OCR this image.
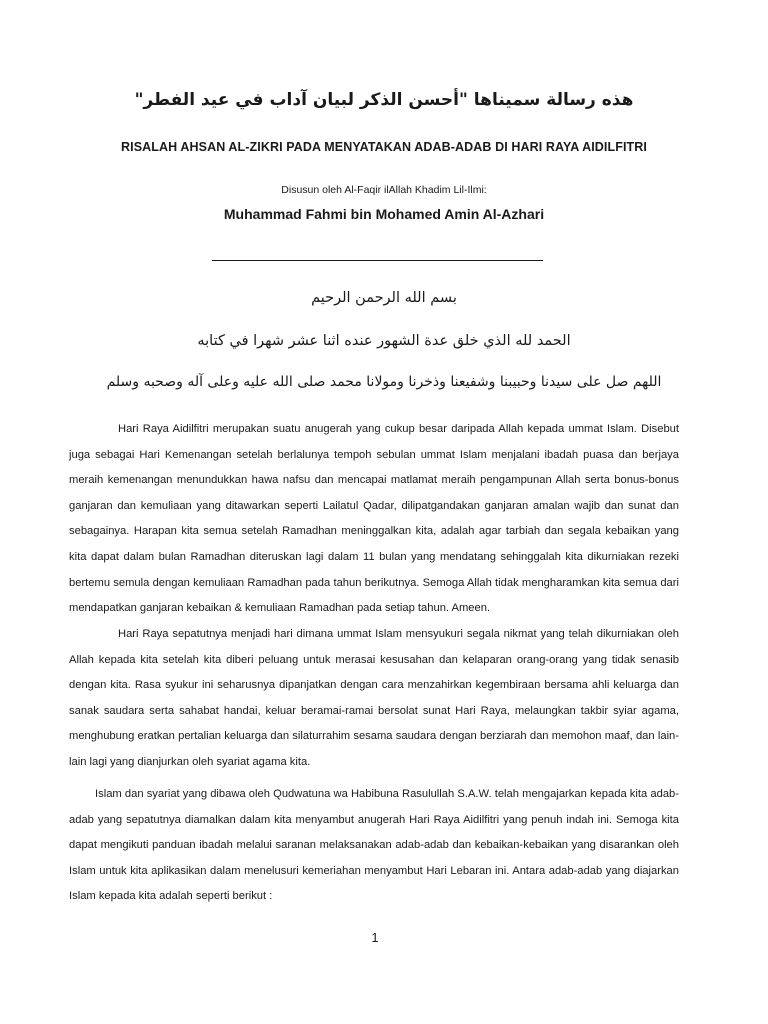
هذه رسالة سميناها "أحسن الذكر لبيان آداب في عيد الفطر"
RISALAH AHSAN AL-ZIKRI PADA MENYATAKAN ADAB-ADAB DI HARI RAYA AIDILFITRI
Disusun oleh Al-Faqir ilAllah Khadim Lil-Ilmi:
Muhammad Fahmi bin Mohamed Amin Al-Azhari
بسم الله الرحمن الرحيم
الحمد لله الذي خلق عدة الشهور عنده اثنا عشر شهرا في كتابه
اللهم صل على سيدنا وحبيبنا وشفيعنا وذخرنا ومولانا محمد صلى الله عليه وعلى آله وصحبه وسلم

Hari Raya Aidilfitri merupakan suatu anugerah yang cukup besar daripada Allah kepada ummat Islam. Disebut juga sebagai Hari Kemenangan setelah berlalunya tempoh sebulan ummat Islam menjalani ibadah puasa dan berjaya meraih kemenangan menundukkan hawa nafsu dan mencapai matlamat meraih pengampunan Allah serta bonus-bonus ganjaran dan kemuliaan yang ditawarkan seperti Lailatul Qadar, dilipatgandakan ganjaran amalan wajib dan sunat dan sebagainya. Harapan kita semua setelah Ramadhan meninggalkan kita, adalah agar tarbiah dan segala kebaikan yang kita dapat dalam bulan Ramadhan diteruskan lagi dalam 11 bulan yang mendatang sehinggalah kita dikurniakan rezeki bertemu semula dengan kemuliaan Ramadhan pada tahun berikutnya. Semoga Allah tidak mengharamkan kita semua dari mendapatkan ganjaran kebaikan & kemuliaan Ramadhan pada setiap tahun. Ameen.

Hari Raya sepatutnya menjadi hari dimana ummat Islam mensyukuri segala nikmat yang telah dikurniakan oleh Allah kepada kita setelah kita diberi peluang untuk merasai kesusahan dan kelaparan orang-orang yang tidak senasib dengan kita. Rasa syukur ini seharusnya dipanjatkan dengan cara menzahirkan kegembiraan bersama ahli keluarga dan sanak saudara serta sahabat handai, keluar beramai-ramai bersolat sunat Hari Raya, melaungkan takbir syiar agama, menghubung eratkan pertalian keluarga dan silaturrahim sesama saudara dengan berziarah dan memohon maaf, dan lain-lain lagi yang dianjurkan oleh syariat agama kita.

Islam dan syariat yang dibawa oleh Qudwatuna wa Habibuna Rasulullah S.A.W. telah mengajarkan kepada kita adab-adab yang sepatutnya diamalkan dalam kita menyambut anugerah Hari Raya Aidilfitri yang penuh indah ini. Semoga kita dapat mengikuti panduan ibadah melalui saranan melaksanakan adab-adab dan kebaikan-kebaikan yang disarankan oleh Islam untuk kita aplikasikan dalam menelusuri kemeriahan menyambut Hari Lebaran ini. Antara adab-adab yang diajarkan Islam kepada kita adalah seperti berikut :

1
